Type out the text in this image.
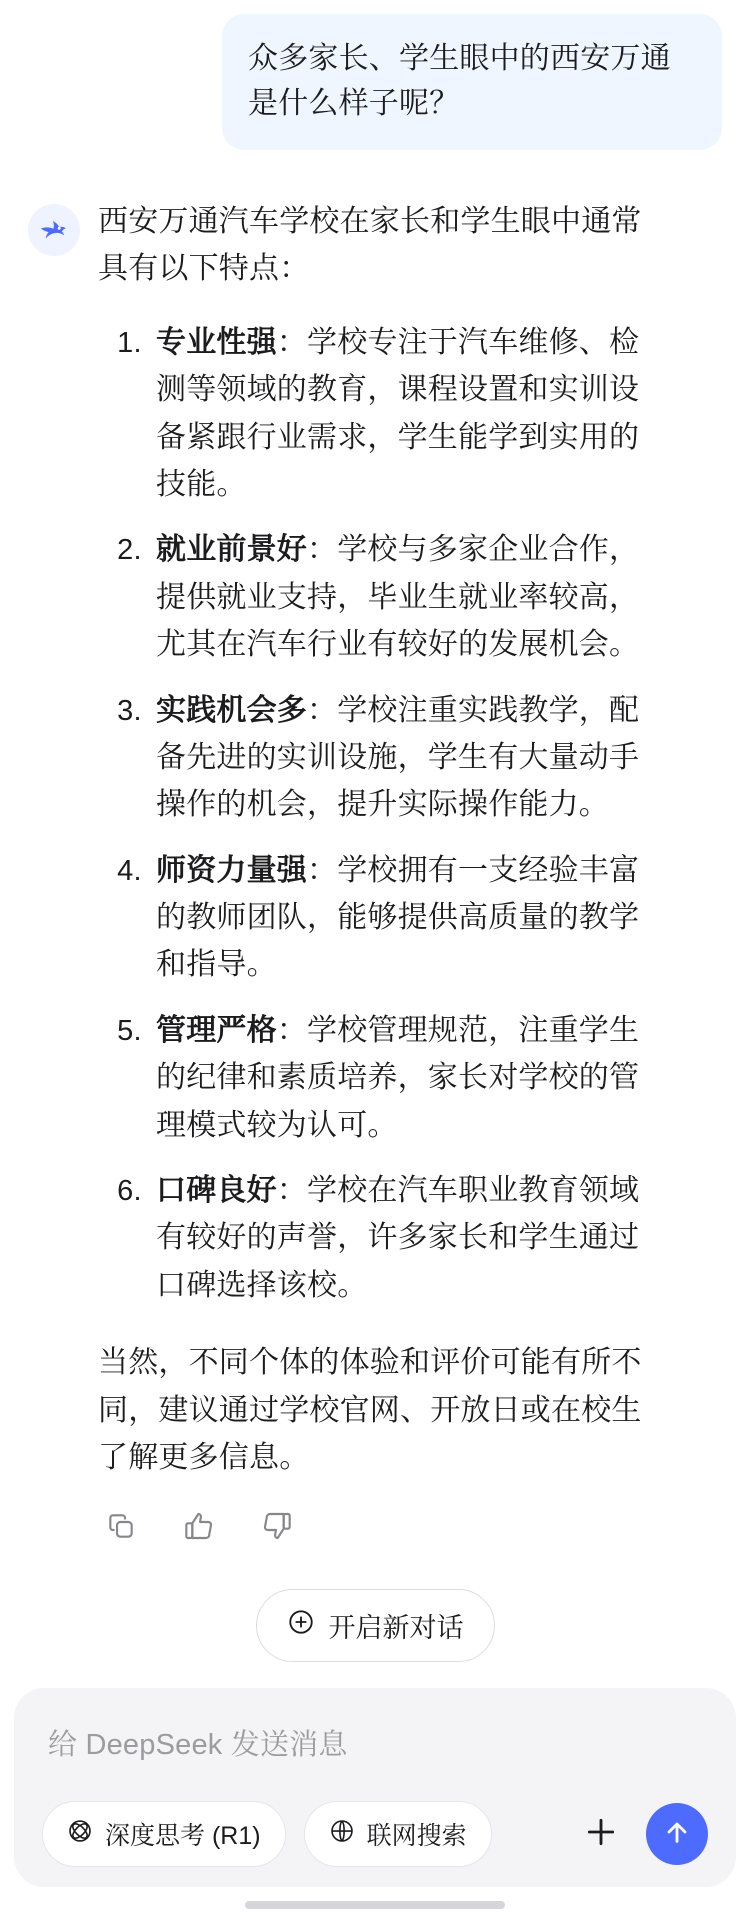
众多家长、学生眼中的西安万通是什么样子呢？

西安万通汽车学校在家长和学生眼中通常具有以下特点：

1. 专业性强：学校专注于汽车维修、检测等领域的教育，课程设置和实训设备紧跟行业需求，学生能学到实用的技能。
2. 就业前景好：学校与多家企业合作，提供就业支持，毕业生就业率较高，尤其在汽车行业有较好的发展机会。
3. 实践机会多：学校注重实践教学，配备先进的实训设施，学生有大量动手操作的机会，提升实际操作能力。
4. 师资力量强：学校拥有一支经验丰富的教师团队，能够提供高质量的教学和指导。
5. 管理严格：学校管理规范，注重学生的纪律和素质培养，家长对学校的管理模式较为认可。
6. 口碑良好：学校在汽车职业教育领域有较好的声誉，许多家长和学生通过口碑选择该校。

当然，不同个体的体验和评价可能有所不同，建议通过学校官网、开放日或在校生了解更多信息。

开启新对话
给 DeepSeek 发送消息
深度思考 (R1)	联网搜索
